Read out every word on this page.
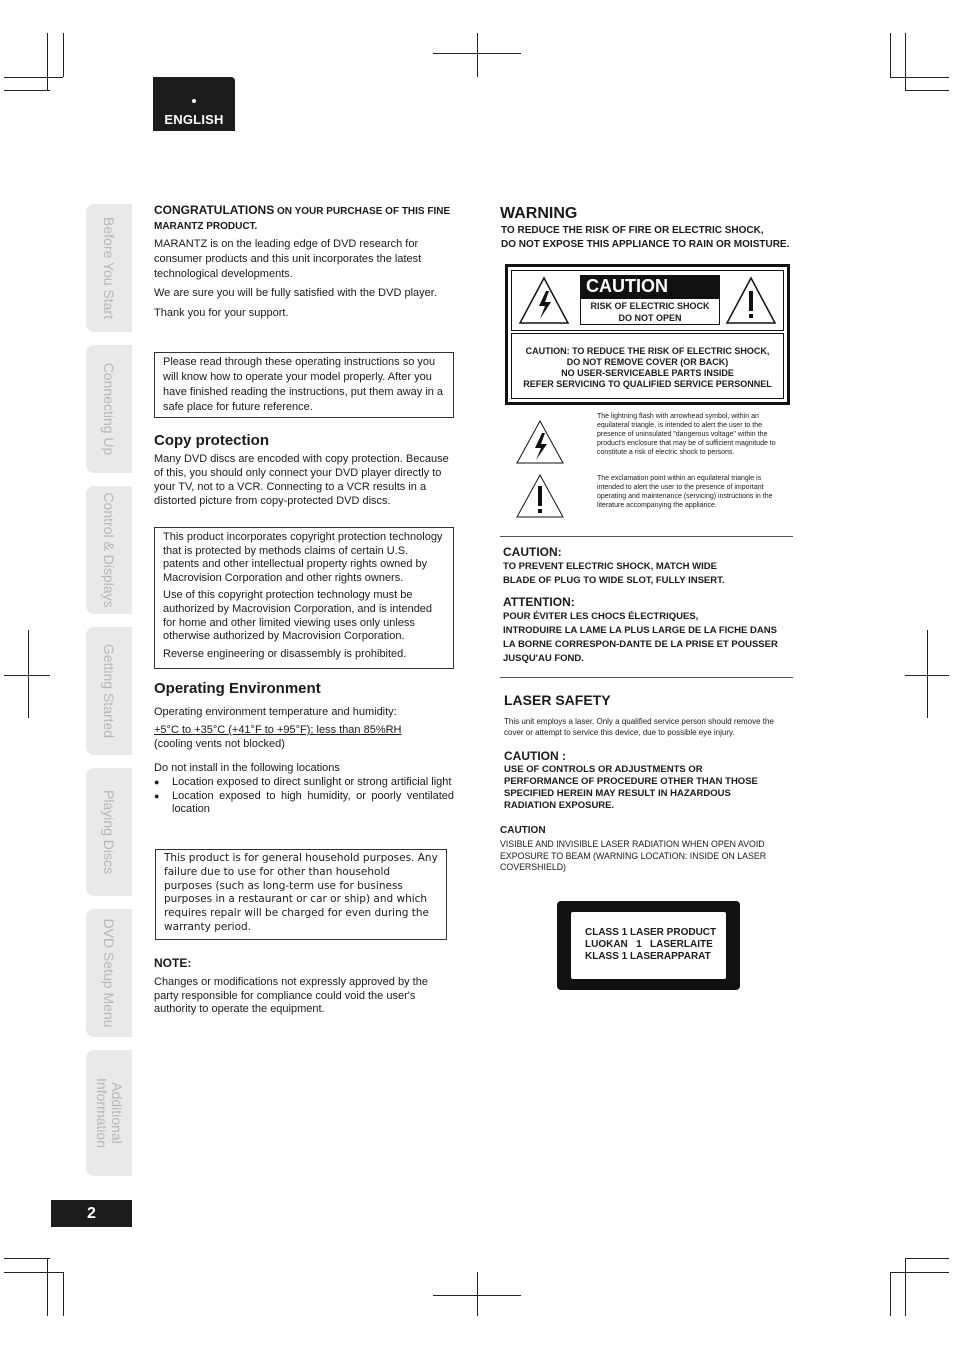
ENGLISH
Before You Start
Connecting Up
Control & Displays
Getting Started
Playing Discs
DVD Setup Menu
Additional Information
2
CONGRATULATIONS ON YOUR PURCHASE OF THIS FINE MARANTZ PRODUCT.
MARANTZ is on the leading edge of DVD research for consumer products and this unit incorporates the latest technological developments.
We are sure you will be fully satisfied with the DVD player.
Thank you for your support.
Please read through these operating instructions so you will know how to operate your model properly. After you have finished reading the instructions, put them away in a safe place for future reference.
Copy protection
Many DVD discs are encoded with copy protection. Because of this, you should only connect your DVD player directly to your TV, not to a VCR. Connecting to a VCR results in a distorted picture from copy-protected DVD discs.
This product incorporates copyright protection technology that is protected by methods claims of certain U.S. patents and other intellectual property rights owned by Macrovision Corporation and other rights owners.
Use of this copyright protection technology must be authorized by Macrovision Corporation, and is intended for home and other limited viewing uses only unless otherwise authorized by Macrovision Corporation.
Reverse engineering or disassembly is prohibited.
Operating Environment
Operating environment temperature and humidity:
+5°C to +35°C (+41°F to +95°F); less than 85%RH
(cooling vents not blocked)
Do not install in the following locations
● Location exposed to direct sunlight or strong artificial light
● Location exposed to high humidity, or poorly ventilated location
This product is for general household purposes. Any failure due to use for other than household purposes (such as long-term use for business purposes in a restaurant or car or ship) and which requires repair will be charged for even during the warranty period.
NOTE:
Changes or modifications not expressly approved by the party responsible for compliance could void the user's authority to operate the equipment.
WARNING
TO REDUCE THE RISK OF FIRE OR ELECTRIC SHOCK,
DO NOT EXPOSE THIS APPLIANCE TO RAIN OR MOISTURE.
CAUTION
RISK OF ELECTRIC SHOCK
DO NOT OPEN
CAUTION: TO REDUCE THE RISK OF ELECTRIC SHOCK,
DO NOT REMOVE COVER (OR BACK)
NO USER-SERVICEABLE PARTS INSIDE
REFER SERVICING TO QUALIFIED SERVICE PERSONNEL
The lightning flash with arrowhead symbol, within an equilateral triangle, is intended to alert the user to the presence of uninsulated "dangerous voltage" within the product's enclosure that may be of sufficient magnitude to constitute a risk of electric shock to persons.
The exclamation point within an equilateral triangle is intended to alert the user to the presence of important operating and maintenance (servicing) instructions in the literature accompanying the appliance.
CAUTION:
TO PREVENT ELECTRIC SHOCK, MATCH WIDE
BLADE OF PLUG TO WIDE SLOT, FULLY INSERT.
ATTENTION:
POUR ÉVITER LES CHOCS ÉLECTRIQUES,
INTRODUIRE LA LAME LA PLUS LARGE DE LA FICHE DANS
LA BORNE CORRESPON-DANTE DE LA PRISE ET POUSSER
JUSQU'AU FOND.
LASER SAFETY
This unit employs a laser. Only a qualified service person should remove the cover or attempt to service this device, due to possible eye injury.
CAUTION :
USE OF CONTROLS OR ADJUSTMENTS OR PERFORMANCE OF PROCEDURE OTHER THAN THOSE SPECIFIED HEREIN MAY RESULT IN HAZARDOUS RADIATION EXPOSURE.
CAUTION
VISIBLE AND INVISIBLE LASER RADIATION WHEN OPEN AVOID EXPOSURE TO BEAM (WARNING LOCATION: INSIDE ON LASER COVERSHIELD)
CLASS 1 LASER PRODUCT
LUOKAN   1   LASERLAITE
KLASS 1 LASERAPPARAT
